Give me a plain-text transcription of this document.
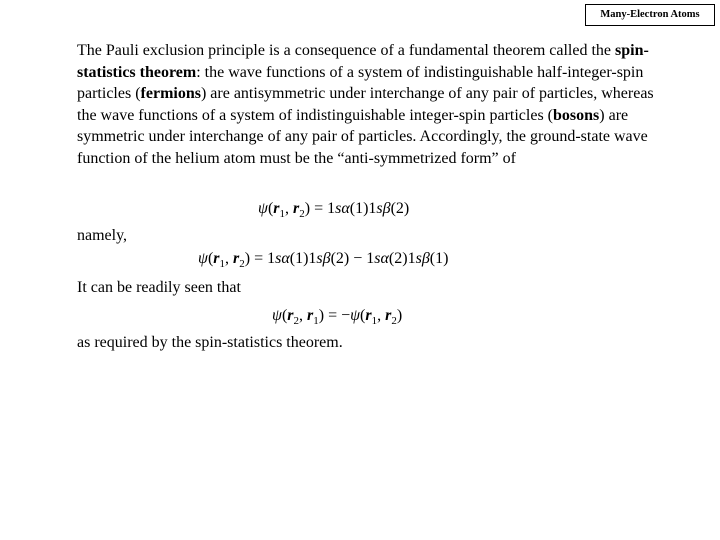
Many-Electron Atoms
The Pauli exclusion principle is a consequence of a fundamental theorem called the spin-statistics theorem: the wave functions of a system of indistinguishable half-integer-spin particles (fermions) are antisymmetric under interchange of any pair of particles, whereas the wave functions of a system of indistinguishable integer-spin particles (bosons) are symmetric under interchange of any pair of particles. Accordingly, the ground-state wave function of the helium atom must be the “anti-symmetrized form” of
$\psi(r_1$, $r_2) = 1s\alpha(1)1s\beta(2)$
namely,
$\psi(r_1$, $r_2) = 1s\alpha(1)1s\beta(2) - 1s\alpha(2)1s\beta(1)$
It can be readily seen that
$\psi(r_2$, $r_1) = -\psi(r_1$, $r_2$)
as required by the spin-statistics theorem.
